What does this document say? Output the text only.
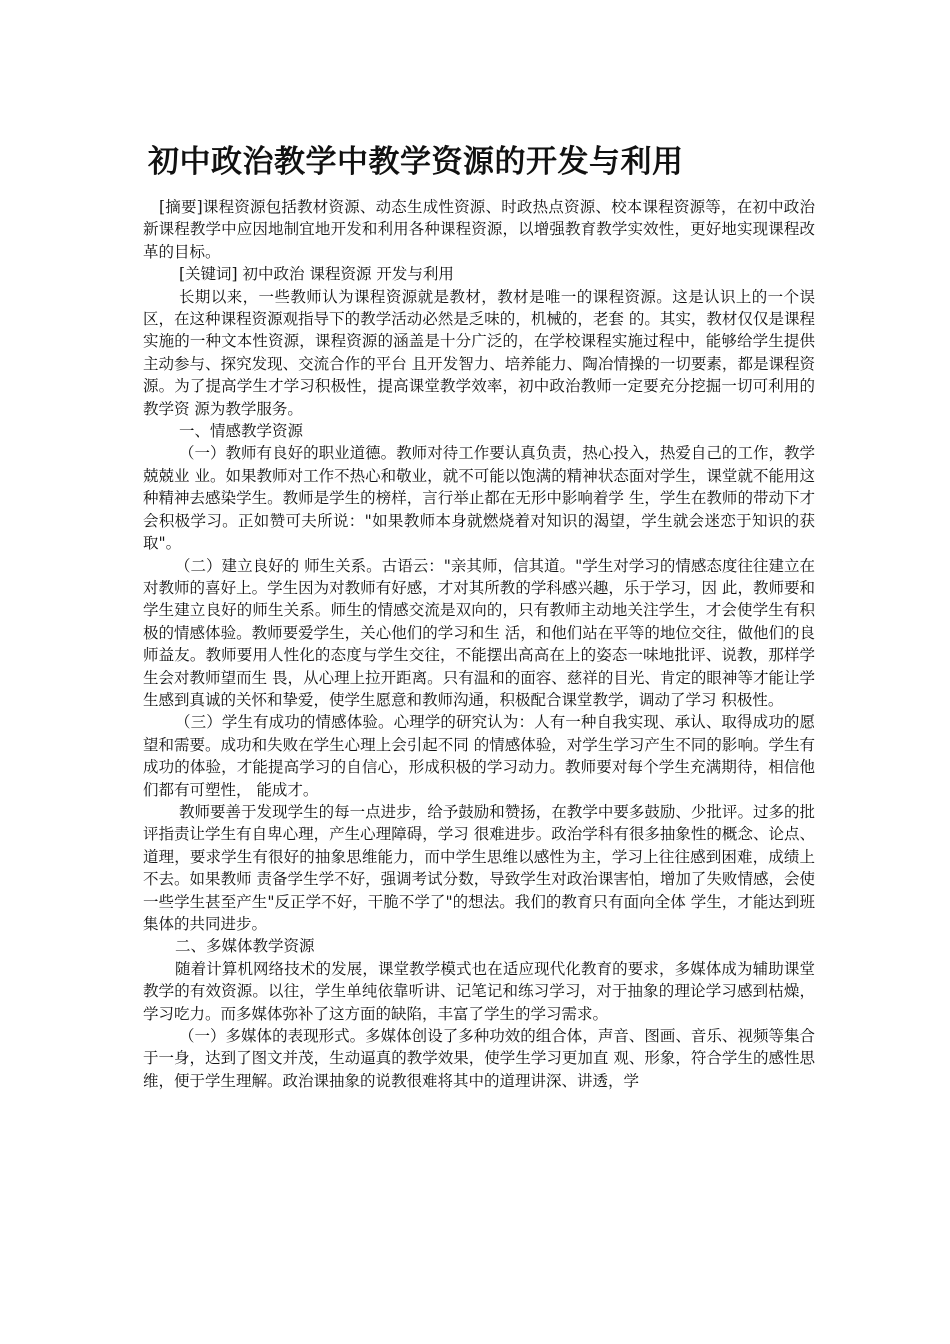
初中政治教学中教学资源的开发与利用

[摘要]课程资源包括教材资源、动态生成性资源、时政热点资源、校本课程资源等，在初中政治新课程教学中应因地制宜地开发和利用各种课程资源，以增强教育教学实效性，更好地实现课程改革的目标。

[关键词] 初中政治 课程资源 开发与利用

长期以来，一些教师认为课程资源就是教材，教材是唯一的课程资源。这是认识上的一个误区，在这种课程资源观指导下的教学活动必然是乏味的，机械的，老套 的。其实，教材仅仅是课程实施的一种文本性资源，课程资源的涵盖是十分广泛的，在学校课程实施过程中，能够给学生提供主动参与、探究发现、交流合作的平台 且开发智力、培养能力、陶冶情操的一切要素，都是课程资源。为了提高学生才学习积极性，提高课堂教学效率，初中政治教师一定要充分挖掘一切可利用的教学资 源为教学服务。

一、情感教学资源

（一）教师有良好的职业道德。教师对待工作要认真负责，热心投入，热爱自己的工作，教学兢兢业 业。如果教师对工作不热心和敬业，就不可能以饱满的精神状态面对学生，课堂就不能用这种精神去感染学生。教师是学生的榜样，言行举止都在无形中影响着学 生，学生在教师的带动下才会积极学习。正如赞可夫所说："如果教师本身就燃烧着对知识的渴望，学生就会迷恋于知识的获取"。

（二）建立良好的 师生关系。古语云："亲其师，信其道。"学生对学习的情感态度往往建立在对教师的喜好上。学生因为对教师有好感，才对其所教的学科感兴趣，乐于学习，因 此，教师要和学生建立良好的师生关系。师生的情感交流是双向的，只有教师主动地关注学生，才会使学生有积极的情感体验。教师要爱学生，关心他们的学习和生 活，和他们站在平等的地位交往，做他们的良师益友。教师要用人性化的态度与学生交往，不能摆出高高在上的姿态一味地批评、说教，那样学生会对教师望而生 畏，从心理上拉开距离。只有温和的面容、慈祥的目光、肯定的眼神等才能让学生感到真诚的关怀和挚爱，使学生愿意和教师沟通，积极配合课堂教学，调动了学习 积极性。

（三）学生有成功的情感体验。心理学的研究认为：人有一种自我实现、承认、取得成功的愿望和需要。成功和失败在学生心理上会引起不同 的情感体验，对学生学习产生不同的影响。学生有成功的体验，才能提高学习的自信心，形成积极的学习动力。教师要对每个学生充满期待，相信他们都有可塑性， 能成才。

教师要善于发现学生的每一点进步，给予鼓励和赞扬，在教学中要多鼓励、少批评。过多的批评指责让学生有自卑心理，产生心理障碍，学习 很难进步。政治学科有很多抽象性的概念、论点、道理，要求学生有很好的抽象思维能力，而中学生思维以感性为主，学习上往往感到困难，成绩上不去。如果教师 责备学生学不好，强调考试分数，导致学生对政治课害怕，增加了失败情感，会使一些学生甚至产生"反正学不好，干脆不学了"的想法。我们的教育只有面向全体 学生，才能达到班集体的共同进步。

二、多媒体教学资源

随着计算机网络技术的发展，课堂教学模式也在适应现代化教育的要求，多媒体成为辅助课堂教学的有效资源。以往，学生单纯依靠听讲、记笔记和练习学习，对于抽象的理论学习感到枯燥，学习吃力。而多媒体弥补了这方面的缺陷，丰富了学生的学习需求。

（一）多媒体的表现形式。多媒体创设了多种功效的组合体，声音、图画、音乐、视频等集合于一身，达到了图文并茂，生动逼真的教学效果，使学生学习更加直 观、形象，符合学生的感性思维，便于学生理解。政治课抽象的说教很难将其中的道理讲深、讲透，学
